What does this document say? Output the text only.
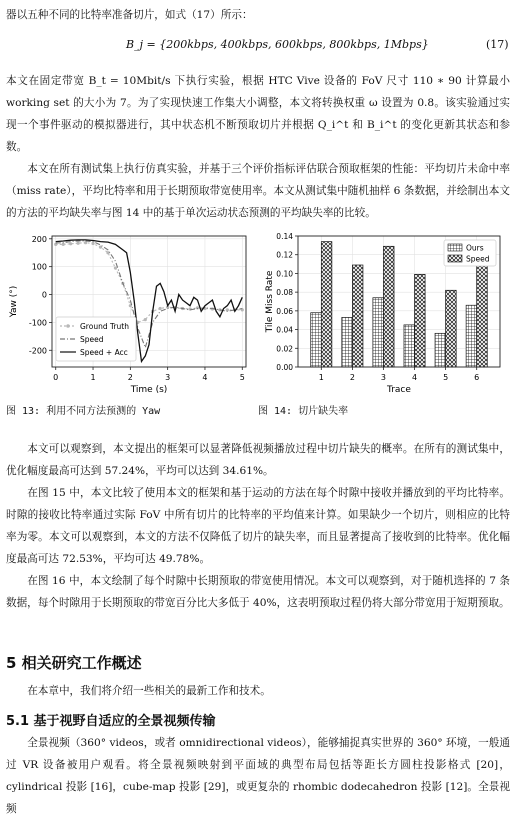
器以五种不同的比特率准备切片，如式（17）所示：

B_j = {200kbps, 400kbps, 600kbps, 800kbps, 1Mbps}	(17)

本文在固定带宽 B_t = 10Mbit/s 下执行实验，根据 HTC Vive 设备的 FoV 尺寸 110 ∗ 90 计算最小 working set 的大小为 7。为了实现快速工作集大小调整，本文将转换权重 ω 设置为 0.8。该实验通过实现一个事件驱动的模拟器进行，其中状态机不断预取切片并根据 Q_i^t 和 B_i^t 的变化更新其状态和参数。

本文在所有测试集上执行仿真实验，并基于三个评价指标评估联合预取框架的性能：平均切片未命中率（miss rate），平均比特率和用于长期预取带宽使用率。本文从测试集中随机抽样 6 条数据，并绘制出本文的方法的平均缺失率与图 14 中的基于单次运动状态预测的平均缺失率的比较。

0	1	2	3	4	5
-200
-100
0
100
200
Ground Truth
Speed
Speed + Acc
Time (s)
Yaw (°)
0.00
0.02
0.04
0.06
0.08
0.10
0.12
0.14
1	2	3	4	5	6
Ours
Speed
Trace
Tile Miss Rate
图 13: 利用不同方法预测的 Yaw	图 14: 切片缺失率

本文可以观察到，本文提出的框架可以显著降低视频播放过程中切片缺失的概率。在所有的测试集中，优化幅度最高可达到 57.24%，平均可以达到 34.61%。

在图 15 中，本文比较了使用本文的框架和基于运动的方法在每个时隙中接收并播放到的平均比特率。时隙的接收比特率通过实际 FoV 中所有切片的比特率的平均值来计算。如果缺少一个切片，则相应的比特率为零。本文可以观察到，本文的方法不仅降低了切片的缺失率，而且显著提高了接收到的比特率。优化幅度最高可达 72.53%，平均可达 49.78%。

在图 16 中，本文绘制了每个时隙中长期预取的带宽使用情况。本文可以观察到，对于随机选择的 7 条数据，每个时隙用于长期预取的带宽百分比大多低于 40%，这表明预取过程仍将大部分带宽用于短期预取。

5 相关研究工作概述

在本章中，我们将介绍一些相关的最新工作和技术。

5.1 基于视野自适应的全景视频传输

全景视频（360° videos，或者 omnidirectional videos），能够捕捉真实世界的 360° 环境，一般通过 VR 设备被用户观看。将全景视频映射到平面域的典型布局包括等距长方圆柱投影格式 [20]，cylindrical 投影 [16]，cube-map 投影 [29]，或更复杂的 rhombic dodecahedron 投影 [12]。全景视频
